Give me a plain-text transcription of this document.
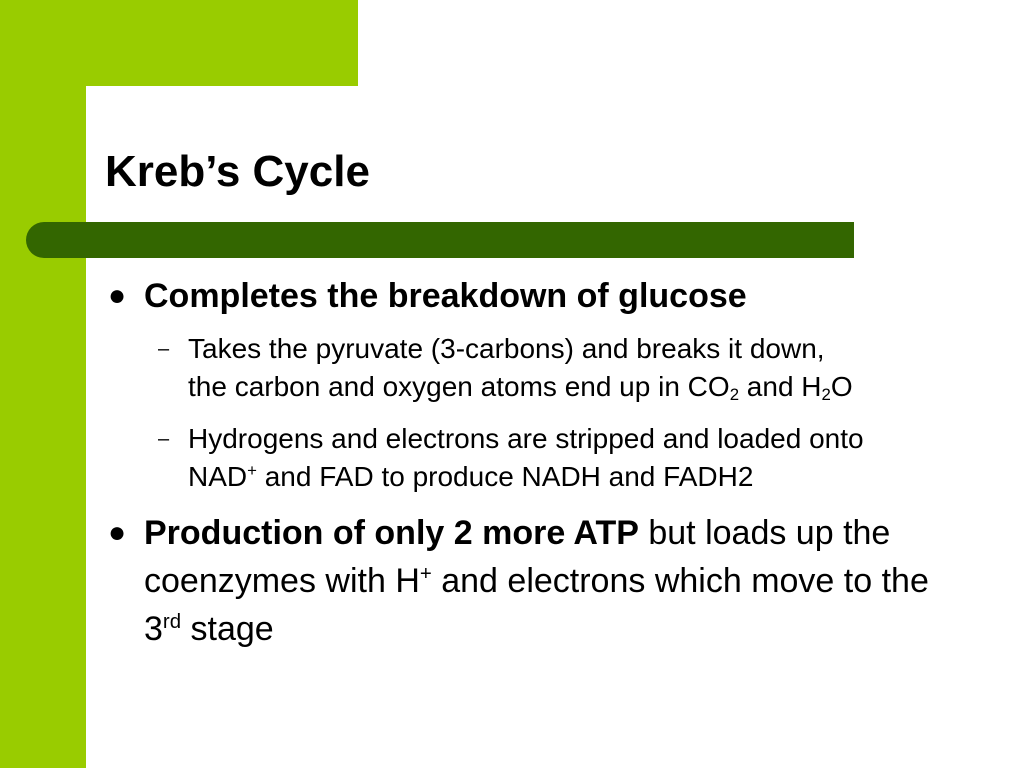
Kreb’s Cycle
● Completes the breakdown of glucose
– Takes the pyruvate (3-carbons) and breaks it down,
the carbon and oxygen atoms end up in $CO_2$ and $H_2O$
– Hydrogens and electrons are stripped and loaded onto
NAD+ and FAD to produce NADH and FADH2
● Production of only 2 more ATP but loads up the coenzymes with H+ and electrons which move to the 3rd stage
